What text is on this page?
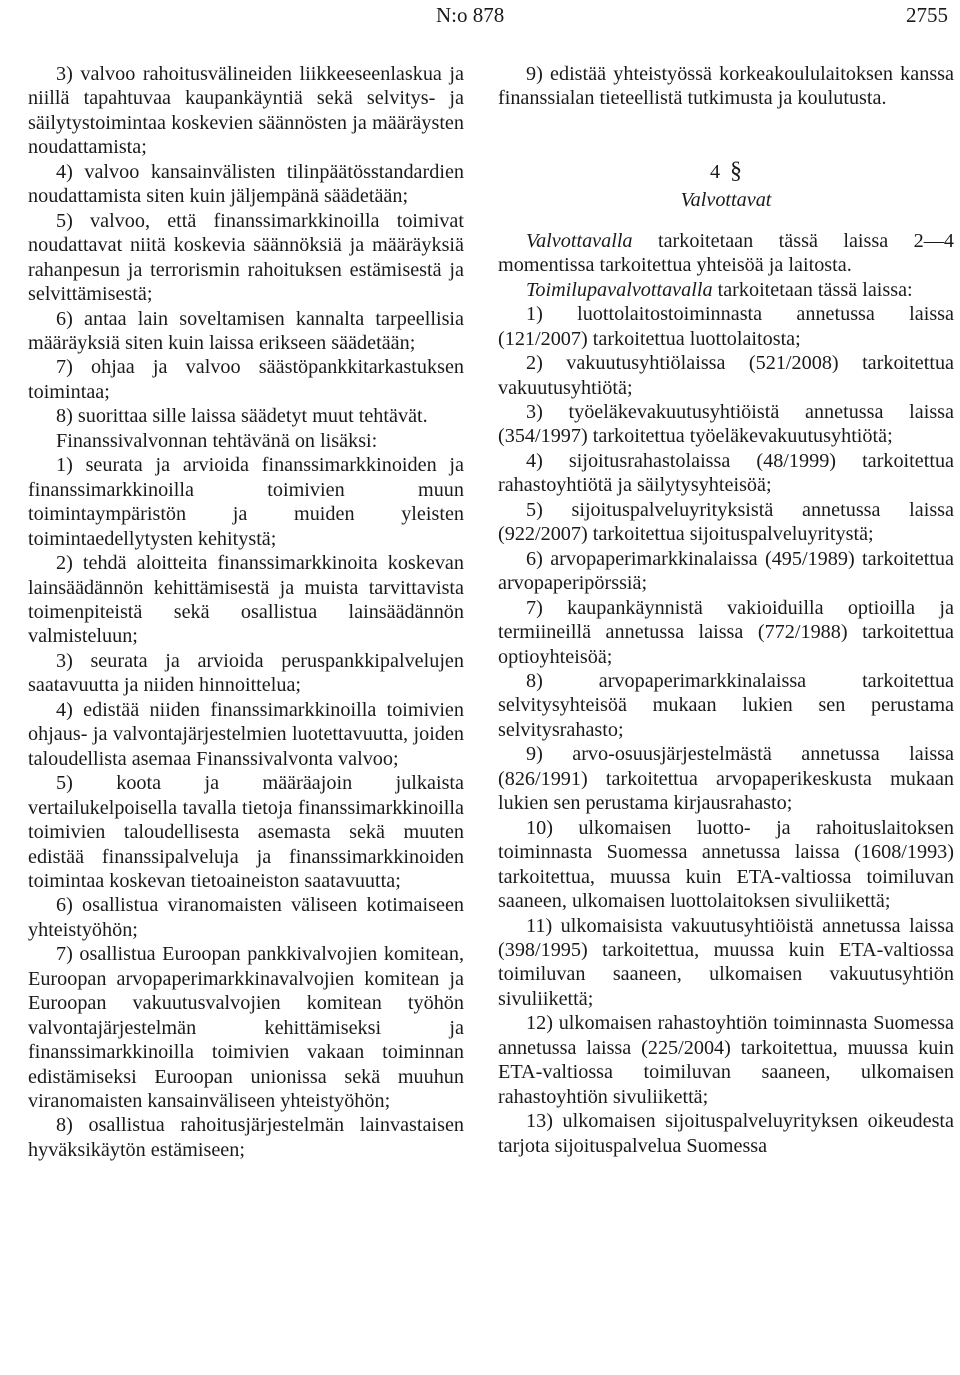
N:o 878	2755

3) valvoo rahoitusvälineiden liikkeeseenlaskua ja niillä tapahtuvaa kaupankäyntiä sekä selvitys- ja säilytystoimintaa koskevien säännösten ja määräysten noudattamista;

4) valvoo kansainvälisten tilinpäätösstandardien noudattamista siten kuin jäljempänä säädetään;

5) valvoo, että finanssimarkkinoilla toimivat noudattavat niitä koskevia säännöksiä ja määräyksiä rahanpesun ja terrorismin rahoituksen estämisestä ja selvittämisestä;

6) antaa lain soveltamisen kannalta tarpeellisia määräyksiä siten kuin laissa erikseen säädetään;

7) ohjaa ja valvoo säästöpankkitarkastuksen toimintaa;

8) suorittaa sille laissa säädetyt muut tehtävät.

Finanssivalvonnan tehtävänä on lisäksi:

1) seurata ja arvioida finanssimarkkinoiden ja finanssimarkkinoilla toimivien muun toimintaympäristön ja muiden yleisten toimintaedellytysten kehitystä;

2) tehdä aloitteita finanssimarkkinoita koskevan lainsäädännön kehittämisestä ja muista tarvittavista toimenpiteistä sekä osallistua lainsäädännön valmisteluun;

3) seurata ja arvioida peruspankkipalvelujen saatavuutta ja niiden hinnoittelua;

4) edistää niiden finanssimarkkinoilla toimivien ohjaus- ja valvontajärjestelmien luotettavuutta, joiden taloudellista asemaa Finanssivalvonta valvoo;

5) koota ja määräajoin julkaista vertailukelpoisella tavalla tietoja finanssimarkkinoilla toimivien taloudellisesta asemasta sekä muuten edistää finanssipalveluja ja finanssimarkkinoiden toimintaa koskevan tietoaineiston saatavuutta;

6) osallistua viranomaisten väliseen kotimaiseen yhteistyöhön;

7) osallistua Euroopan pankkivalvojien komitean, Euroopan arvopaperimarkkinavalvojien komitean ja Euroopan vakuutusvalvojien komitean työhön valvontajärjestelmän kehittämiseksi ja finanssimarkkinoilla toimivien vakaan toiminnan edistämiseksi Euroopan unionissa sekä muuhun viranomaisten kansainväliseen yhteistyöhön;

8) osallistua rahoitusjärjestelmän lainvastaisen hyväksikäytön estämiseen;

9) edistää yhteistyössä korkeakoululaitoksen kanssa finanssialan tieteellistä tutkimusta ja koulutusta.

4 §

Valvottavat

Valvottavalla tarkoitetaan tässä laissa 2—4 momentissa tarkoitettua yhteisöä ja laitosta.

Toimilupavalvottavalla tarkoitetaan tässä laissa:

1) luottolaitostoiminnasta annetussa laissa (121/2007) tarkoitettua luottolaitosta;

2) vakuutusyhtiölaissa (521/2008) tarkoitettua vakuutusyhtiötä;

3) työeläkevakuutusyhtiöistä annetussa laissa (354/1997) tarkoitettua työeläkevakuutusyhtiötä;

4) sijoitusrahastolaissa (48/1999) tarkoitettua rahastoyhtiötä ja säilytysyhteisöä;

5) sijoituspalveluyrityksistä annetussa laissa (922/2007) tarkoitettua sijoituspalveluyritystä;

6) arvopaperimarkkinalaissa (495/1989) tarkoitettua arvopaperipörssiä;

7) kaupankäynnistä vakioiduilla optioilla ja termiineillä annetussa laissa (772/1988) tarkoitettua optioyhteisöä;

8) arvopaperimarkkinalaissa tarkoitettua selvitysyhteisöä mukaan lukien sen perustama selvitysrahasto;

9) arvo-osuusjärjestelmästä annetussa laissa (826/1991) tarkoitettua arvopaperikeskusta mukaan lukien sen perustama kirjausrahasto;

10) ulkomaisen luotto- ja rahoituslaitoksen toiminnasta Suomessa annetussa laissa (1608/1993) tarkoitettua, muussa kuin ETA-valtiossa toimiluvan saaneen, ulkomaisen luottolaitoksen sivuliikettä;

11) ulkomaisista vakuutusyhtiöistä annetussa laissa (398/1995) tarkoitettua, muussa kuin ETA-valtiossa toimiluvan saaneen, ulkomaisen vakuutusyhtiön sivuliikettä;

12) ulkomaisen rahastoyhtiön toiminnasta Suomessa annetussa laissa (225/2004) tarkoitettua, muussa kuin ETA-valtiossa toimiluvan saaneen, ulkomaisen rahastoyhtiön sivuliikettä;

13) ulkomaisen sijoituspalveluyrityksen oikeudesta tarjota sijoituspalvelua Suomessa
